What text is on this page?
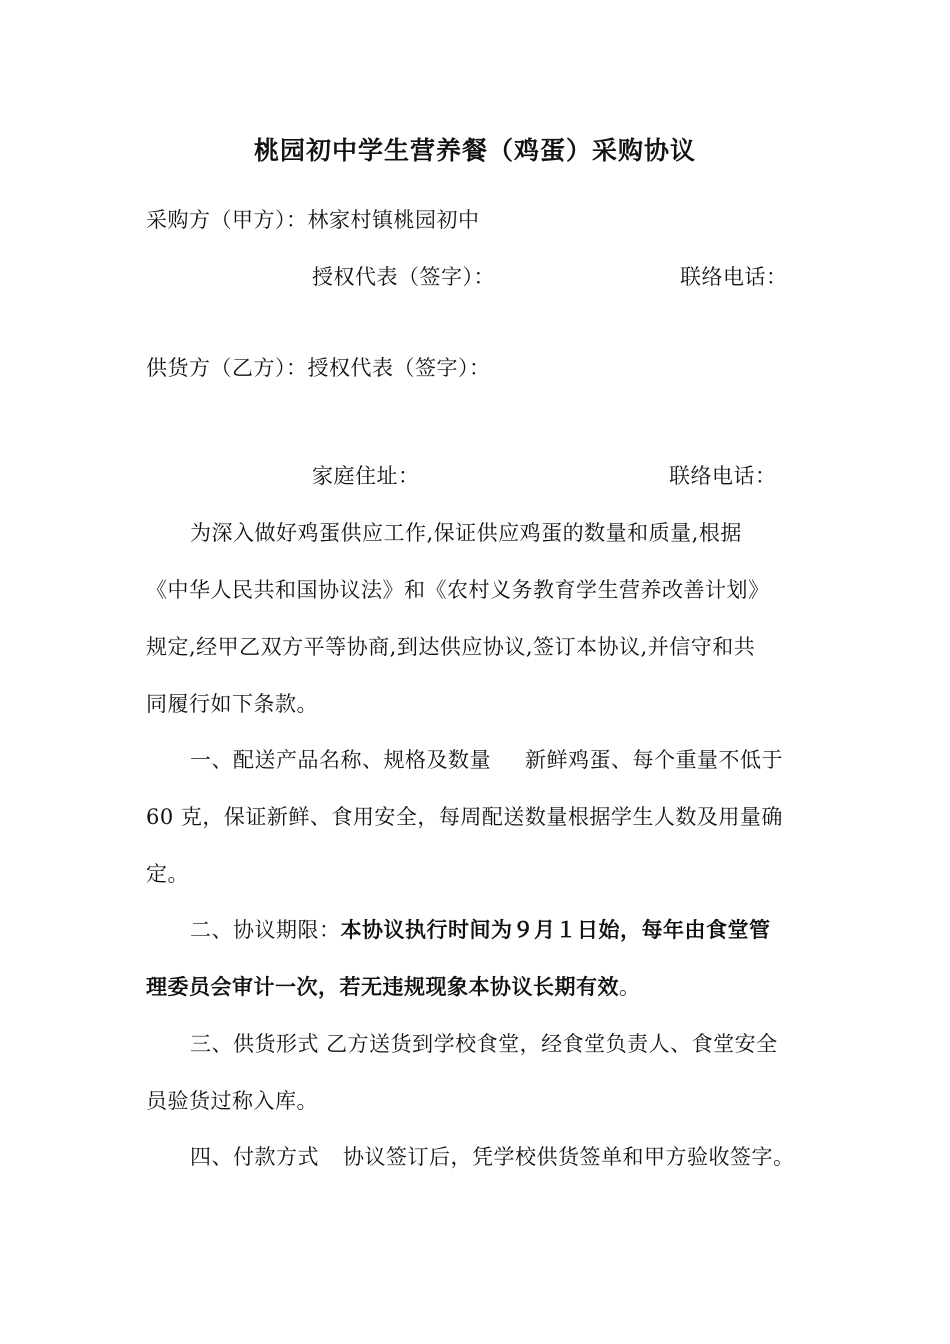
桃园初中学生营养餐（鸡蛋）采购协议
采购方（甲方）：林家村镇桃园初中
授权代表（签字）：	联络电话：
供货方（乙方）：授权代表（签字）：
家庭住址：	联络电话：
为深入做好鸡蛋供应工作,保证供应鸡蛋的数量和质量,根据
《中华人民共和国协议法》和《农村义务教育学生营养改善计划》
规定,经甲乙双方平等协商,到达供应协议,签订本协议,并信守和共
同履行如下条款。
一、配送产品名称、规格及数量 新鲜鸡蛋、每个重量不低于
60 克，保证新鲜、食用安全，每周配送数量根据学生人数及用量确
定。
二、协议期限：本协议执行时间为９月１日始，每年由食堂管
理委员会审计一次，若无违规现象本协议长期有效。
三、供货形式 乙方送货到学校食堂，经食堂负责人、食堂安全
员验货过称入库。
四、付款方式 协议签订后，凭学校供货签单和甲方验收签字。
